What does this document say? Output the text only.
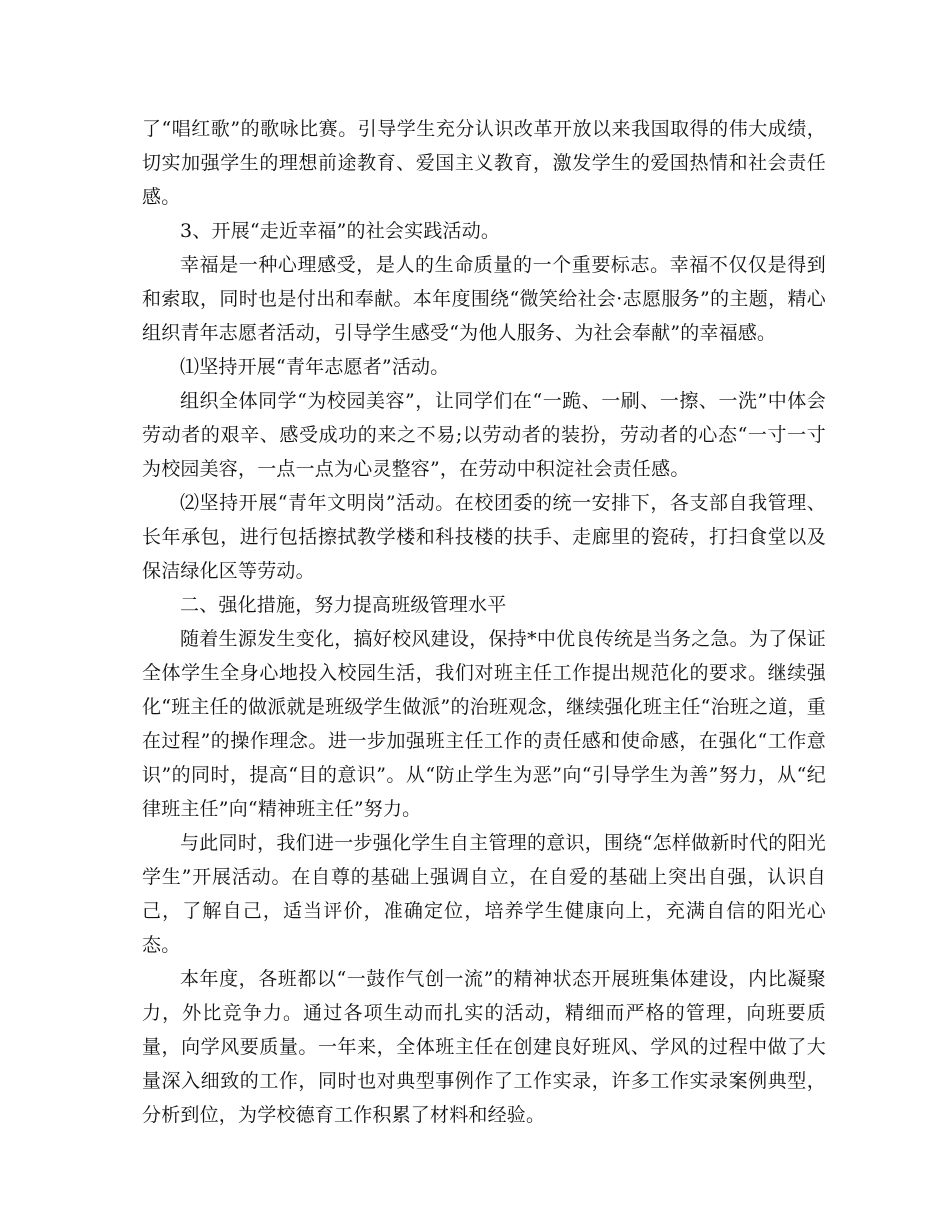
了“唱红歌”的歌咏比赛。引导学生充分认识改革开放以来我国取得的伟大成绩，切实加强学生的理想前途教育、爱国主义教育，激发学生的爱国热情和社会责任感。

3、开展“走近幸福”的社会实践活动。

幸福是一种心理感受，是人的生命质量的一个重要标志。幸福不仅仅是得到和索取，同时也是付出和奉献。本年度围绕“微笑给社会·志愿服务”的主题，精心组织青年志愿者活动，引导学生感受“为他人服务、为社会奉献”的幸福感。

⑴坚持开展“青年志愿者”活动。

组织全体同学“为校园美容”，让同学们在“一跪、一刷、一擦、一洗”中体会劳动者的艰辛、感受成功的来之不易;以劳动者的装扮，劳动者的心态“一寸一寸为校园美容，一点一点为心灵整容”，在劳动中积淀社会责任感。

⑵坚持开展“青年文明岗”活动。在校团委的统一安排下，各支部自我管理、长年承包，进行包括擦拭教学楼和科技楼的扶手、走廊里的瓷砖，打扫食堂以及保洁绿化区等劳动。

二、强化措施，努力提高班级管理水平

随着生源发生变化，搞好校风建设，保持*中优良传统是当务之急。为了保证全体学生全身心地投入校园生活，我们对班主任工作提出规范化的要求。继续强化“班主任的做派就是班级学生做派”的治班观念，继续强化班主任“治班之道，重在过程”的操作理念。进一步加强班主任工作的责任感和使命感，在强化“工作意识”的同时，提高“目的意识”。从“防止学生为恶”向“引导学生为善”努力，从“纪律班主任”向“精神班主任”努力。

与此同时，我们进一步强化学生自主管理的意识，围绕“怎样做新时代的阳光学生”开展活动。在自尊的基础上强调自立，在自爱的基础上突出自强，认识自己，了解自己，适当评价，准确定位，培养学生健康向上，充满自信的阳光心态。

本年度，各班都以“一鼓作气创一流”的精神状态开展班集体建设，内比凝聚力，外比竞争力。通过各项生动而扎实的活动，精细而严格的管理，向班要质量，向学风要质量。一年来，全体班主任在创建良好班风、学风的过程中做了大量深入细致的工作，同时也对典型事例作了工作实录，许多工作实录案例典型，分析到位，为学校德育工作积累了材料和经验。
